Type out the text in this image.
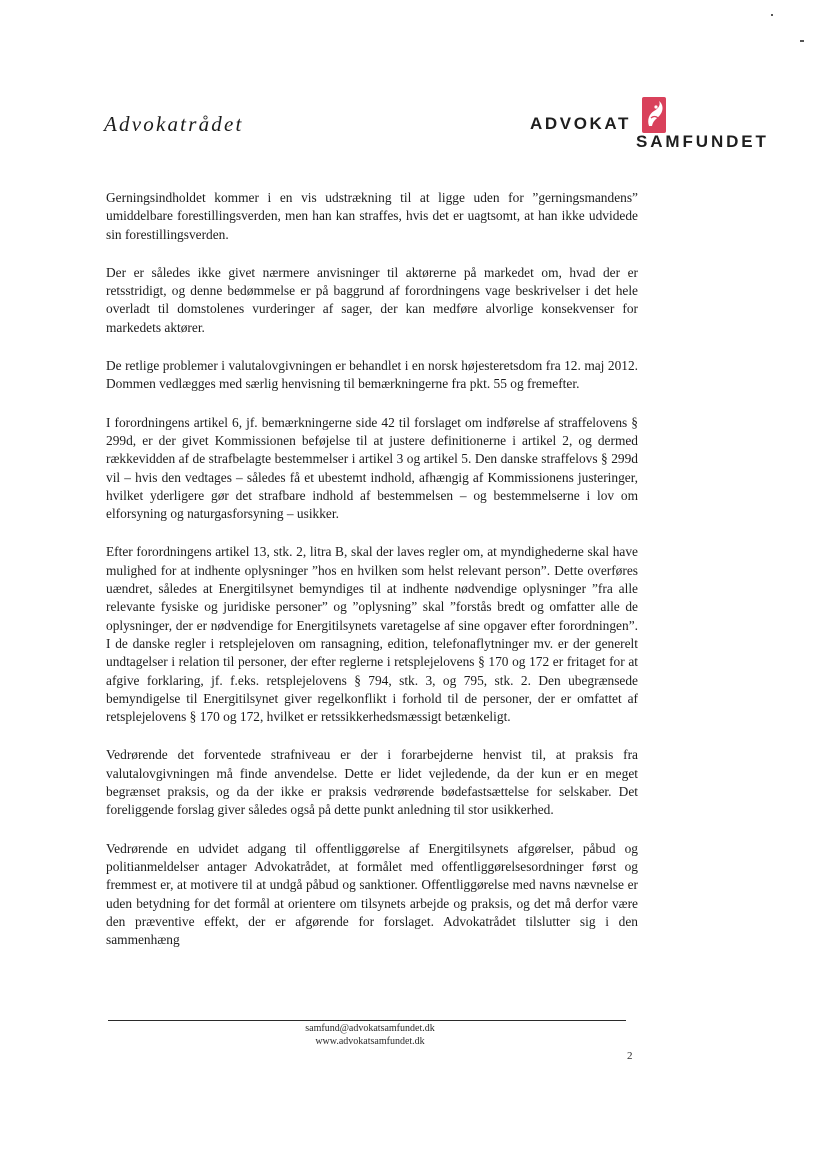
Advokatrådet	ADVOKAT
SAMFUNDET

Gerningsindholdet kommer i en vis udstrækning til at ligge uden for ”gerningsmandens” umiddelbare forestillingsverden, men han kan straffes, hvis det er uagtsomt, at han ikke udvidede sin forestillingsverden.

Der er således ikke givet nærmere anvisninger til aktørerne på markedet om, hvad der er retsstridigt, og denne bedømmelse er på baggrund af forordningens vage beskrivelser i det hele overladt til domstolenes vurderinger af sager, der kan medføre alvorlige konsekvenser for markedets aktører.

De retlige problemer i valutalovgivningen er behandlet i en norsk højesteretsdom fra 12. maj 2012. Dommen vedlægges med særlig henvisning til bemærkningerne fra pkt. 55 og fremefter.

I forordningens artikel 6, jf. bemærkningerne side 42 til forslaget om indførelse af straffelovens § 299d, er der givet Kommissionen beføjelse til at justere definitionerne i artikel 2, og dermed rækkevidden af de strafbelagte bestemmelser i artikel 3 og artikel 5. Den danske straffelovs § 299d vil – hvis den vedtages – således få et ubestemt indhold, afhængig af Kommissionens justeringer, hvilket yderligere gør det strafbare indhold af bestemmelsen – og bestemmelserne i lov om elforsyning og naturgasforsyning – usikker.

Efter forordningens artikel 13, stk. 2, litra B, skal der laves regler om, at myndighederne skal have mulighed for at indhente oplysninger ”hos en hvilken som helst relevant person”. Dette overføres uændret, således at Energitilsynet bemyndiges til at indhente nødvendige oplysninger ”fra alle relevante fysiske og juridiske personer” og ”oplysning” skal ”forstås bredt og omfatter alle de oplysninger, der er nødvendige for Energitilsynets varetagelse af sine opgaver efter forordningen”. I de danske regler i retsplejeloven om ransagning, edition, telefonaflytninger mv. er der generelt undtagelser i relation til personer, der efter reglerne i retsplejelovens § 170 og 172 er fritaget for at afgive forklaring, jf. f.eks. retsplejelovens § 794, stk. 3, og 795, stk. 2. Den ubegrænsede bemyndigelse til Energitilsynet giver regelkonflikt i forhold til de personer, der er omfattet af retsplejelovens § 170 og 172, hvilket er retssikkerhedsmæssigt betænkeligt.

Vedrørende det forventede strafniveau er der i forarbejderne henvist til, at praksis fra valutalovgivningen må finde anvendelse. Dette er lidet vejledende, da der kun er en meget begrænset praksis, og da der ikke er praksis vedrørende bødefastsættelse for selskaber. Det foreliggende forslag giver således også på dette punkt anledning til stor usikkerhed.

Vedrørende en udvidet adgang til offentliggørelse af Energitilsynets afgørelser, påbud og politianmeldelser antager Advokatrådet, at formålet med offentliggørelsesordninger først og fremmest er, at motivere til at undgå påbud og sanktioner. Offentliggørelse med navns nævnelse er uden betydning for det formål at orientere om tilsynets arbejde og praksis, og det må derfor være den præventive effekt, der er afgørende for forslaget. Advokatrådet tilslutter sig i den sammenhæng

samfund@advokatsamfundet.dk
www.advokatsamfundet.dk
2
